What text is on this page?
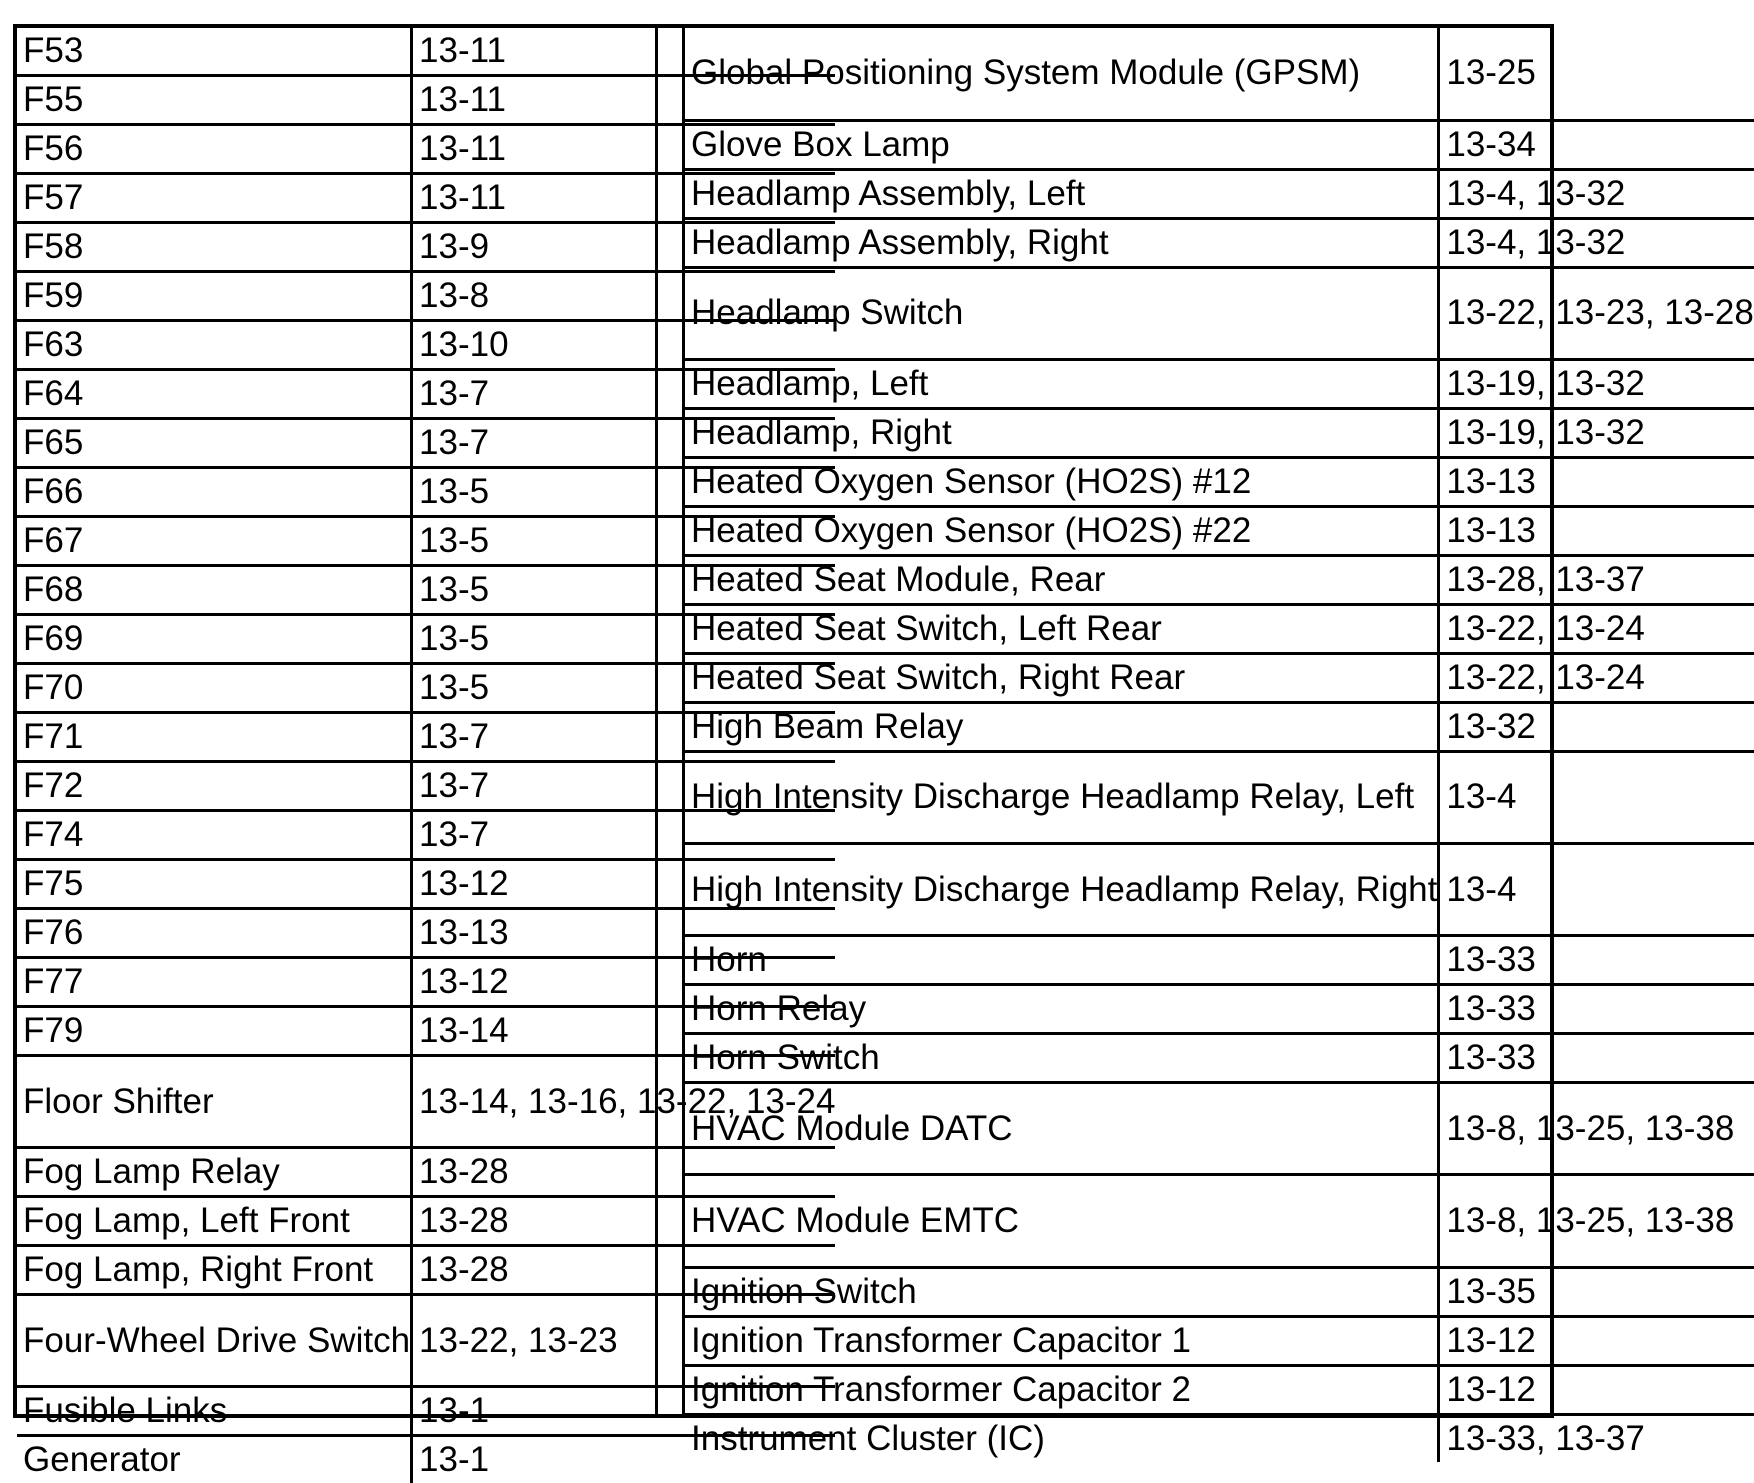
F53	13-11
F55	13-11
F56	13-11
F57	13-11
F58	13-9
F59	13-8
F63	13-10
F64	13-7
F65	13-7
F66	13-5
F67	13-5
F68	13-5
F69	13-5
F70	13-5
F71	13-7
F72	13-7
F74	13-7
F75	13-12
F76	13-13
F77	13-12
F79	13-14
Floor Shifter	13-14, 13-16, 13-22, 13-24
Fog Lamp Relay	13-28
Fog Lamp, Left Front	13-28
Fog Lamp, Right Front	13-28
Four-Wheel Drive Switch	13-22, 13-23
Fusible Links	13-1
Generator	13-1
Global Positioning System Module (GPSM)	13-25
Glove Box Lamp	13-34
Headlamp Assembly, Left	13-4, 13-32
Headlamp Assembly, Right	13-4, 13-32
Headlamp Switch	13-22, 13-23, 13-28
Headlamp, Left	13-19, 13-32
Headlamp, Right	13-19, 13-32
Heated Oxygen Sensor (HO2S) #12	13-13
Heated Oxygen Sensor (HO2S) #22	13-13
Heated Seat Module, Rear	13-28, 13-37
Heated Seat Switch, Left Rear	13-22, 13-24
Heated Seat Switch, Right Rear	13-22, 13-24
High Beam Relay	13-32
High Intensity Discharge Headlamp Relay, Left	13-4
High Intensity Discharge Headlamp Relay, Right	13-4
Horn	13-33
Horn Relay	13-33
Horn Switch	13-33
HVAC Module DATC	13-8, 13-25, 13-38
HVAC Module EMTC	13-8, 13-25, 13-38
Ignition Switch	13-35
Ignition Transformer Capacitor 1	13-12
Ignition Transformer Capacitor 2	13-12
Instrument Cluster (IC)	13-33, 13-37
